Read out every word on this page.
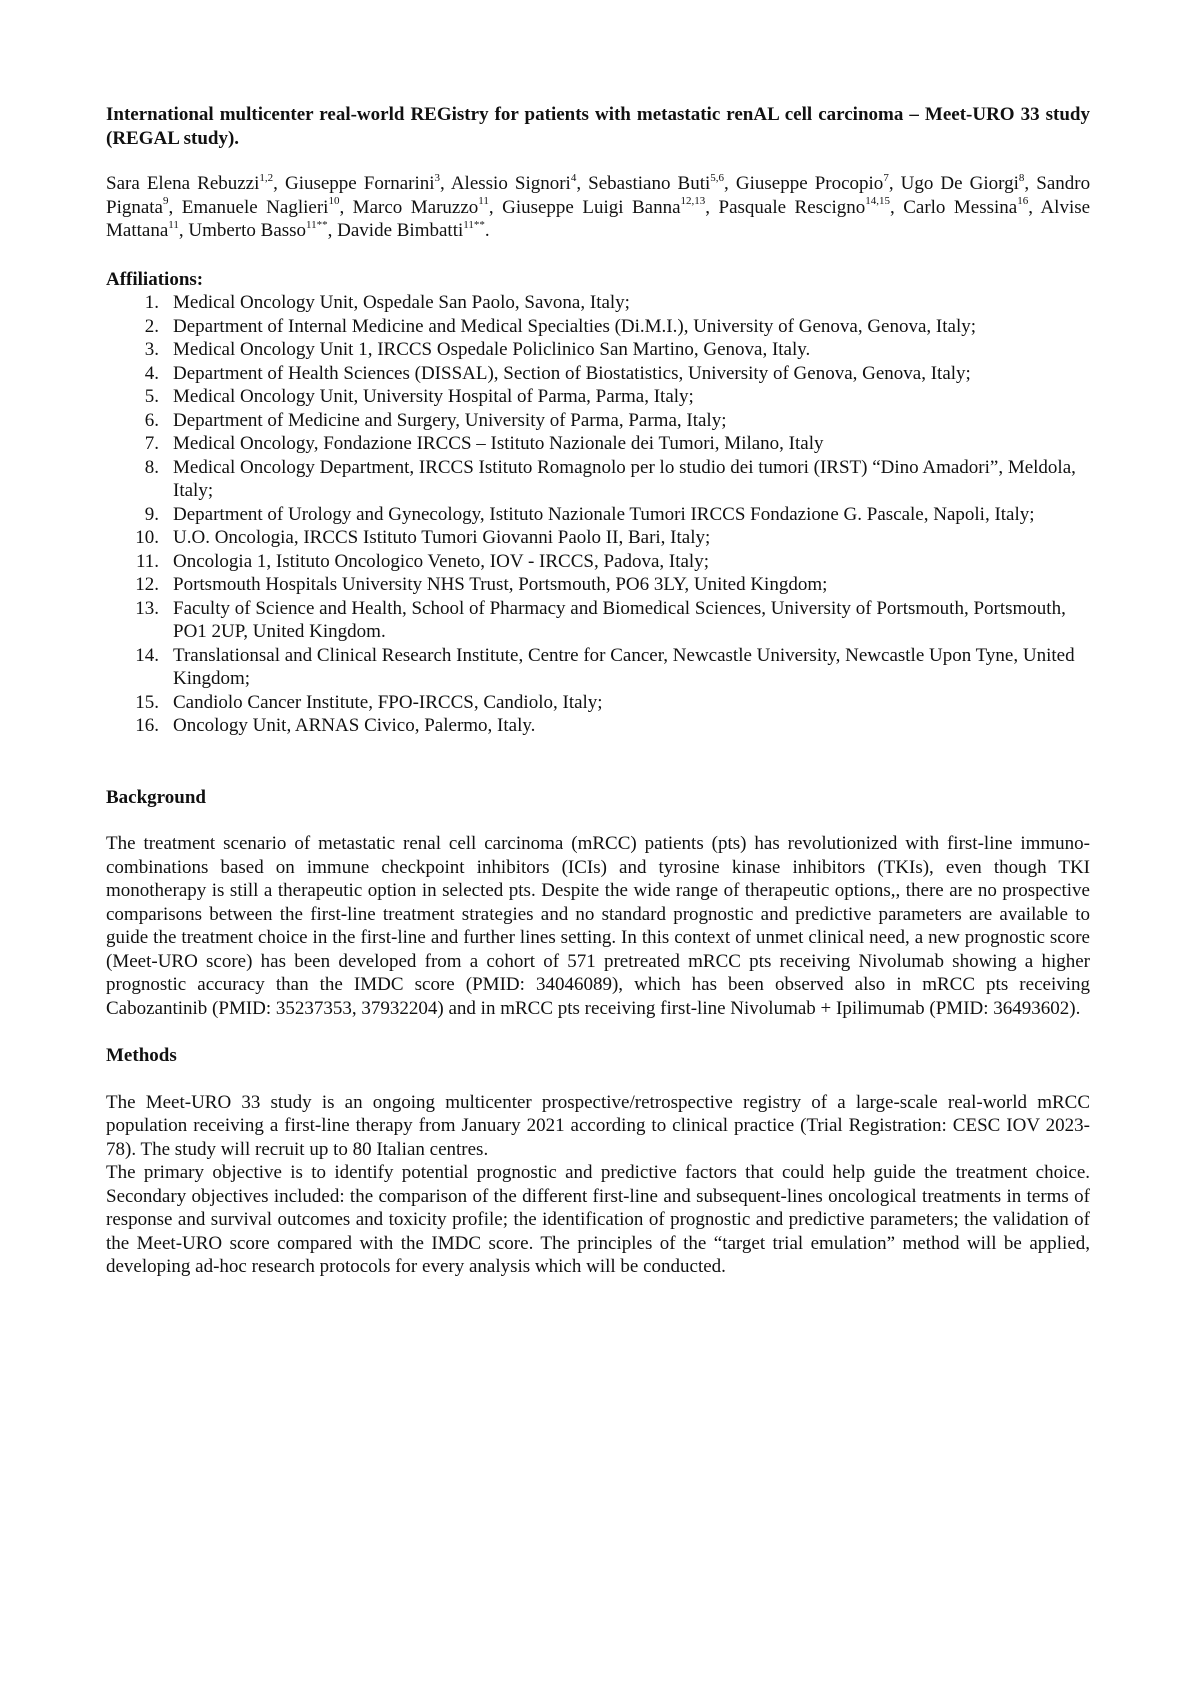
International multicenter real-world REGistry for patients with metastatic renAL cell carcinoma – Meet-URO 33 study (REGAL study).

Sara Elena Rebuzzi$^{1,2}$, Giuseppe Fornarini$^3$, Alessio Signori$^4$, Sebastiano Buti$^{5,6}$, Giuseppe Procopio$^7$, Ugo De Giorgi$^8$, Sandro Pignata$^9$, Emanuele Naglieri$^{10}$, Marco Maruzzo$^{11}$, Giuseppe Luigi Banna$^{12,13}$, Pasquale Rescigno$^{14,15}$, Carlo Messina$^{16}$, Alvise Mattana$^{11}$, Umberto Basso$^{11**}$, Davide Bimbatti$^{11**}$.

Affiliations:

1. Medical Oncology Unit, Ospedale San Paolo, Savona, Italy;
2. Department of Internal Medicine and Medical Specialties (Di.M.I.), University of Genova, Genova, Italy;
3. Medical Oncology Unit 1, IRCCS Ospedale Policlinico San Martino, Genova, Italy.
4. Department of Health Sciences (DISSAL), Section of Biostatistics, University of Genova, Genova, Italy;
5. Medical Oncology Unit, University Hospital of Parma, Parma, Italy;
6. Department of Medicine and Surgery, University of Parma, Parma, Italy;
7. Medical Oncology, Fondazione IRCCS – Istituto Nazionale dei Tumori, Milano, Italy
8. Medical Oncology Department, IRCCS Istituto Romagnolo per lo studio dei tumori (IRST) “Dino Amadori”, Meldola, Italy;
9. Department of Urology and Gynecology, Istituto Nazionale Tumori IRCCS Fondazione G. Pascale, Napoli, Italy;
10. U.O. Oncologia, IRCCS Istituto Tumori Giovanni Paolo II, Bari, Italy;
11. Oncologia 1, Istituto Oncologico Veneto, IOV - IRCCS, Padova, Italy;
12. Portsmouth Hospitals University NHS Trust, Portsmouth, PO6 3LY, United Kingdom;
13. Faculty of Science and Health, School of Pharmacy and Biomedical Sciences, University of Portsmouth, Portsmouth, PO1 2UP, United Kingdom.
14. Translationsal and Clinical Research Institute, Centre for Cancer, Newcastle University, Newcastle Upon Tyne, United Kingdom;
15. Candiolo Cancer Institute, FPO-IRCCS, Candiolo, Italy;
16. Oncology Unit, ARNAS Civico, Palermo, Italy.

Background

The treatment scenario of metastatic renal cell carcinoma (mRCC) patients (pts) has revolutionized with first-line immuno-combinations based on immune checkpoint inhibitors (ICIs) and tyrosine kinase inhibitors (TKIs), even though TKI monotherapy is still a therapeutic option in selected pts. Despite the wide range of therapeutic options,, there are no prospective comparisons between the first-line treatment strategies and no standard prognostic and predictive parameters are available to guide the treatment choice in the first-line and further lines setting. In this context of unmet clinical need, a new prognostic score (Meet-URO score) has been developed from a cohort of 571 pretreated mRCC pts receiving Nivolumab showing a higher prognostic accuracy than the IMDC score (PMID: 34046089), which has been observed also in mRCC pts receiving Cabozantinib (PMID: 35237353, 37932204) and in mRCC pts receiving first-line Nivolumab + Ipilimumab (PMID: 36493602).

Methods

The Meet-URO 33 study is an ongoing multicenter prospective/retrospective registry of a large-scale real-world mRCC population receiving a first-line therapy from January 2021 according to clinical practice (Trial Registration: CESC IOV 2023-78). The study will recruit up to 80 Italian centres.

The primary objective is to identify potential prognostic and predictive factors that could help guide the treatment choice. Secondary objectives included: the comparison of the different first-line and subsequent-lines oncological treatments in terms of response and survival outcomes and toxicity profile; the identification of prognostic and predictive parameters; the validation of the Meet-URO score compared with the IMDC score. The principles of the “target trial emulation” method will be applied, developing ad-hoc research protocols for every analysis which will be conducted.
